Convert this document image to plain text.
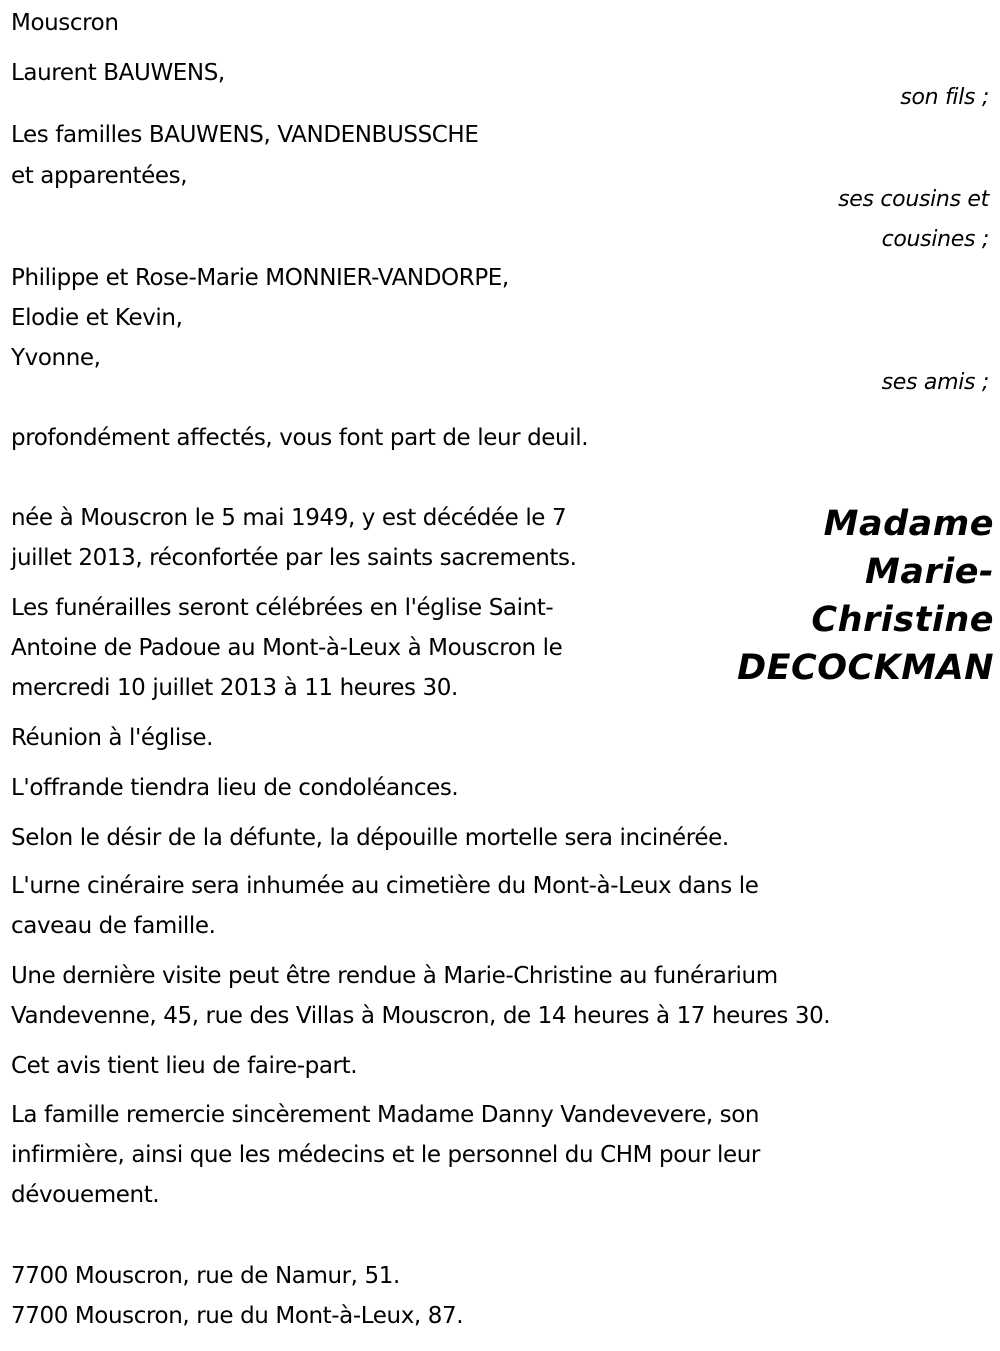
Mouscron
Laurent BAUWENS,
son fils ;
Les familles BAUWENS, VANDENBUSSCHE
et apparentées,
ses cousins et
cousines ;
Philippe et Rose-Marie MONNIER-VANDORPE,
Elodie et Kevin,
Yvonne,
ses amis ;
profondément affectés, vous font part de leur deuil.
Madame
Marie-
Christine
DECOCKMAN
née à Mouscron le 5 mai 1949, y est décédée le 7
juillet 2013, réconfortée par les saints sacrements.
Les funérailles seront célébrées en l'église Saint-
Antoine de Padoue au Mont-à-Leux à Mouscron le
mercredi 10 juillet 2013 à 11 heures 30.
Réunion à l'église.
L'offrande tiendra lieu de condoléances.
Selon le désir de la défunte, la dépouille mortelle sera incinérée.
L'urne cinéraire sera inhumée au cimetière du Mont-à-Leux dans le
caveau de famille.
Une dernière visite peut être rendue à Marie-Christine au funérarium
Vandevenne, 45, rue des Villas à Mouscron, de 14 heures à 17 heures 30.
Cet avis tient lieu de faire-part.
La famille remercie sincèrement Madame Danny Vandevevere, son
infirmière, ainsi que les médecins et le personnel du CHM pour leur
dévouement.
7700 Mouscron, rue de Namur, 51.
7700 Mouscron, rue du Mont-à-Leux, 87.
